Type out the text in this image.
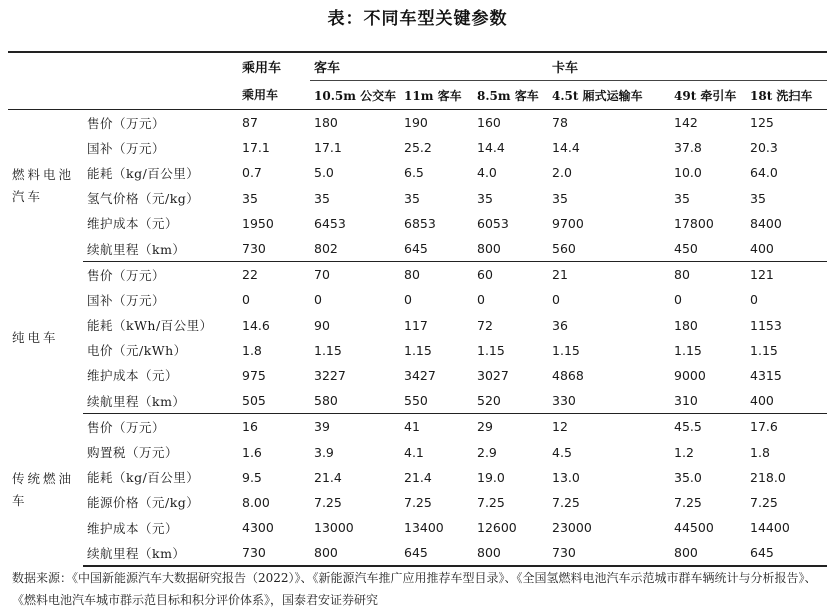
表：不同车型关键参数
		乘用车	客车			卡车		
		乘用车	10.5m 公交车	11m 客车	8.5m 客车	4.5t 厢式运输车	49t 牵引车	18t 洗扫车
燃料电池汽车	售价（万元）	87	180	190	160	78	142	125
	国补（万元）	17.1	17.1	25.2	14.4	14.4	37.8	20.3
	能耗（kg/百公里）	0.7	5.0	6.5	4.0	2.0	10.0	64.0
	氢气价格（元/kg）	35	35	35	35	35	35	35
	维护成本（元）	1950	6453	6853	6053	9700	17800	8400
	续航里程（km）	730	802	645	800	560	450	400
纯电车	售价（万元）	22	70	80	60	21	80	121
	国补（万元）	0	0	0	0	0	0	0
	能耗（kWh/百公里）	14.6	90	117	72	36	180	1153
	电价（元/kWh）	1.8	1.15	1.15	1.15	1.15	1.15	1.15
	维护成本（元）	975	3227	3427	3027	4868	9000	4315
	续航里程（km）	505	580	550	520	330	310	400
传统燃油车	售价（万元）	16	39	41	29	12	45.5	17.6
	购置税（万元）	1.6	3.9	4.1	2.9	4.5	1.2	1.8
	能耗（kg/百公里）	9.5	21.4	21.4	19.0	13.0	35.0	218.0
	能源价格（元/kg）	8.00	7.25	7.25	7.25	7.25	7.25	7.25
	维护成本（元）	4300	13000	13400	12600	23000	44500	14400
	续航里程（km）	730	800	645	800	730	800	645
数据来源：《中国新能源汽车大数据研究报告（2022）》、《新能源汽车推广应用推荐车型目录》、《全国氢燃料电池汽车示范城市群车辆统计与分析报告》、《燃料电池汽车城市群示范目标和积分评价体系》，国泰君安证券研究
